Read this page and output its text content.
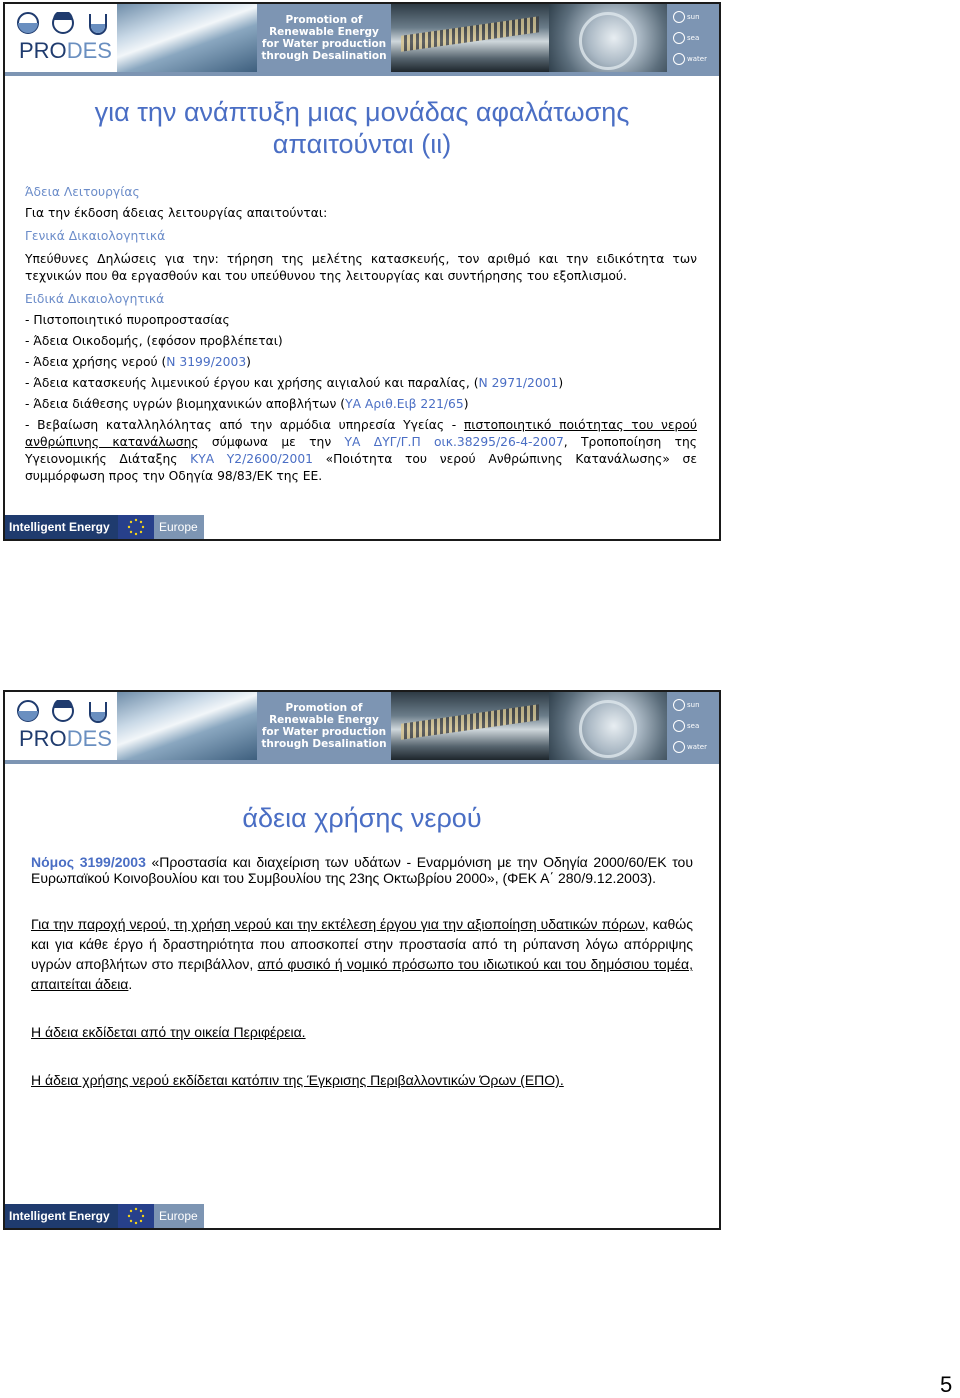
PRODES
Promotion of
Renewable Energy
for Water production
through Desalination
sun
sea
water
για την ανάπτυξη μιας μονάδας αφαλάτωσης
απαιτούνται (ιι)
Άδεια Λειτουργίας
Για την έκδοση άδειας λειτουργίας απαιτούνται:
Γενικά Δικαιολογητικά
Υπεύθυνες Δηλώσεις για την: τήρηση της μελέτης κατασκευής, τον αριθμό και την ειδικότητα των τεχνικών που θα εργασθούν και του υπεύθυνου της λειτουργίας και συντήρησης του εξοπλισμού.
Ειδικά Δικαιολογητικά
- Πιστοποιητικό πυροπροστασίας
- Άδεια Οικοδομής, (εφόσον προβλέπεται)
- Άδεια χρήσης νερού (Ν 3199/2003)
- Άδεια κατασκευής λιμενικού έργου και χρήσης αιγιαλού και παραλίας, (Ν 2971/2001)
- Άδεια διάθεσης υγρών βιομηχανικών αποβλήτων (ΥΑ Αριθ.Ειβ 221/65)
- Βεβαίωση καταλληλόλητας από την αρμόδια υπηρεσία Υγείας - πιστοποιητικό ποιότητας του νερού ανθρώπινης κατανάλωσης σύμφωνα με την ΥΑ ΔΥΓ/Γ.Π οικ.38295/26-4-2007, Τροποποίηση της Υγειονομικής Διάταξης ΚΥΑ Υ2/2600/2001 «Ποιότητα του νερού Ανθρώπινης Κατανάλωσης» σε συμμόρφωση προς την Οδηγία 98/83/ΕΚ της ΕΕ.
Intelligent Energy	Europe
PRODES
Promotion of
Renewable Energy
for Water production
through Desalination
sun
sea
water
άδεια χρήσης νερού

Νόμος 3199/2003 «Προστασία και διαχείριση των υδάτων - Εναρμόνιση με την Οδηγία 2000/60/ΕΚ του Ευρωπαϊκού Κοινοβουλίου και του Συμβουλίου της 23ης Οκτωβρίου 2000», (ΦΕΚ Α΄ 280/9.12.2003).

Για την παροχή νερού, τη χρήση νερού και την εκτέλεση έργου για την αξιοποίηση υδατικών πόρων, καθώς και για κάθε έργο ή δραστηριότητα που αποσκοπεί στην προστασία από τη ρύπανση λόγω απόρριψης υγρών αποβλήτων στο περιβάλλον, από φυσικό ή νομικό πρόσωπο του ιδιωτικού και του δημόσιου τομέα, απαιτείται άδεια.

Η άδεια εκδίδεται από την οικεία Περιφέρεια.

Η άδεια χρήσης νερού εκδίδεται κατόπιν της Έγκρισης Περιβαλλοντικών Όρων (ΕΠΟ).

Intelligent Energy	Europe
5
